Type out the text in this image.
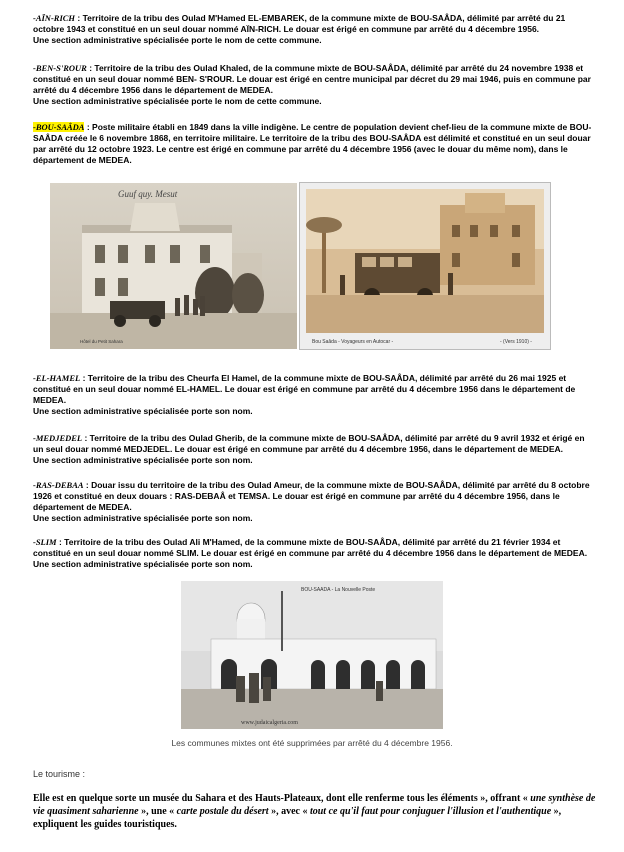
-AÏN-RICH : Territoire de la tribu des Oulad M'Hamed EL-EMBAREK, de la commune mixte de BOU-SAÂDA, délimité par arrêté du 21 octobre 1943 et constitué en un seul douar nommé AÏN-RICH. Le douar est érigé en commune par arrêté du 4 décembre 1956.
Une section administrative spécialisée porte le nom de cette commune.
-BEN-S'ROUR : Territoire de la tribu des Oulad Khaled, de la commune mixte de BOU-SAÂDA, délimité par arrêté du 24 novembre 1938 et constitué en un seul douar nommé BEN- S'ROUR. Le douar est érigé en centre municipal par décret du 29 mai 1946, puis en commune par arrêté du 4 décembre 1956 dans le département de MEDEA.
Une section administrative spécialisée porte le nom de cette commune.
-BOU-SAÂDA : Poste militaire établi en 1849 dans la ville indigène. Le centre de population devient chef-lieu de la commune mixte de BOU-SAÂDA créée le 6 novembre 1868, en territoire militaire. Le territoire de la tribu des BOU-SAÂDA est délimité et constitué en un seul douar par arrêté du 12 octobre 1923. Le centre est érigé en commune par arrêté du 4 décembre 1956 (avec le douar du même nom), dans le département de MEDEA.
Guuf quy. Mesut
Hôtel du Petit Sahara	Bou Saâda - Voyageurs en Autocar -	- (Vers 1910) -
-EL-HAMEL : Territoire de la tribu des Cheurfa El Hamel, de la commune mixte de BOU-SAÂDA, délimité par arrêté du 26 mai 1925 et constitué en un seul douar nommé EL-HAMEL. Le douar est érigé en commune par arrêté du 4 décembre 1956 dans le département de MEDEA.
Une section administrative spécialisée porte son nom.
-MEDJEDEL : Territoire de la tribu des Oulad Gherib, de la commune mixte de BOU-SAÂDA, délimité par arrêté du 9 avril 1932 et érigé en un seul douar nommé MEDJEDEL. Le douar est érigé en commune par arrêté du 4 décembre 1956, dans le département de MEDEA.
Une section administrative spécialisée porte son nom.
-RAS-DEBAA : Douar issu du territoire de la tribu des Oulad Ameur, de la commune mixte de BOU-SAÂDA, délimité par arrêté du 8 octobre 1926 et constitué en deux douars : RAS-DEBAÂ et TEMSA. Le douar est érigé en commune par arrêté du 4 décembre 1956, dans le département de MEDEA.
Une section administrative spécialisée porte son nom.
-SLIM : Territoire de la tribu des Oulad Ali M'Hamed, de la commune mixte de BOU-SAÂDA, délimité par arrêté du 21 février 1934 et constitué en un seul douar nommé SLIM. Le douar est érigé en commune par arrêté du 4 décembre 1956 dans le département de MEDEA.
Une section administrative spécialisée porte son nom.
BOU-SAADA - La Nouvelle Poste
www.judaicalgeria.com
Les communes mixtes ont été supprimées par arrêté du 4 décembre 1956.
Le tourisme :
Elle est en quelque sorte un musée du Sahara et des Hauts-Plateaux, dont elle renferme tous les éléments », offrant « une synthèse de vie quasiment saharienne », une « carte postale du désert », avec « tout ce qu'il faut pour conjuguer l'illusion et l'authentique », expliquent les guides touristiques.
